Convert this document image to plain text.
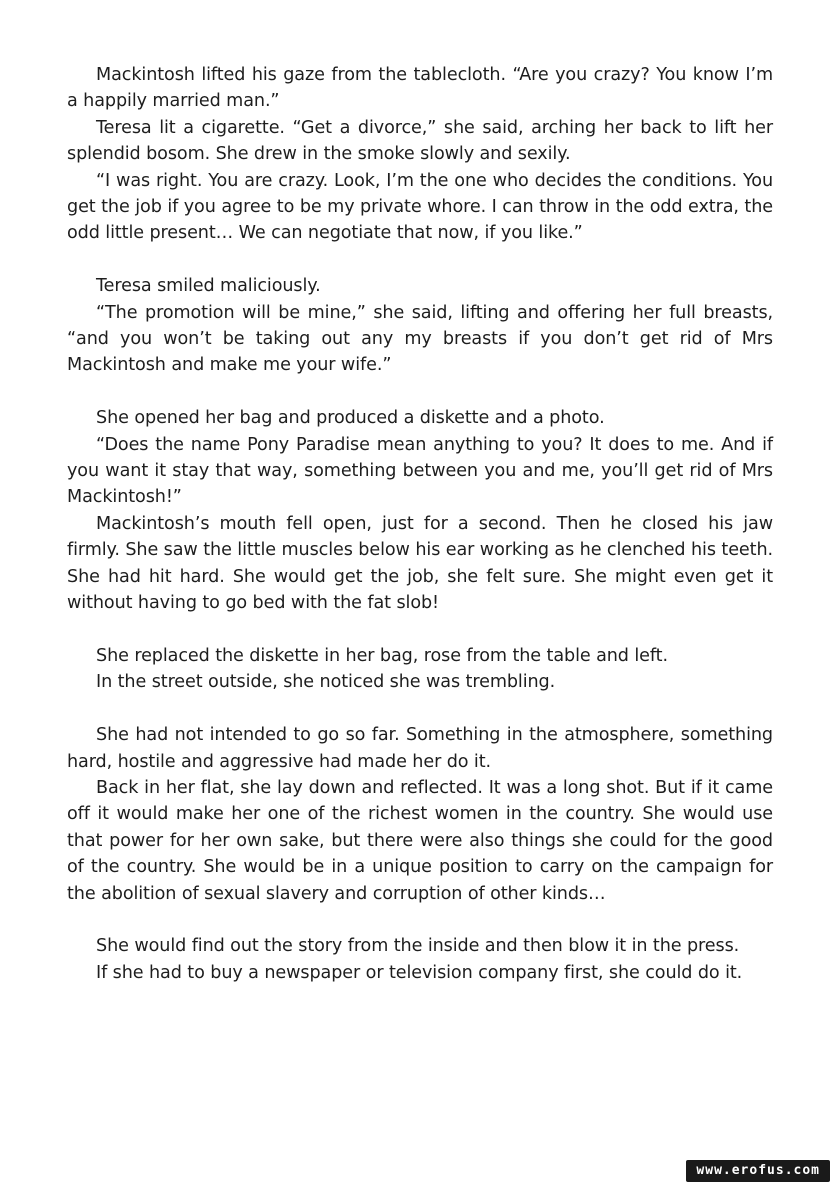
Mackintosh lifted his gaze from the tablecloth. “Are you crazy? You know I’m a happily married man.”

Teresa lit a cigarette. “Get a divorce,” she said, arching her back to lift her splendid bosom. She drew in the smoke slowly and sexily.

“I was right. You are crazy. Look, I’m the one who decides the conditions. You get the job if you agree to be my private whore. I can throw in the odd extra, the odd little present… We can negotiate that now, if you like.”

Teresa smiled maliciously.

“The promotion will be mine,” she said, lifting and offering her full breasts, “and you won’t be taking out any my breasts if you don’t get rid of Mrs Mackintosh and make me your wife.”

She opened her bag and produced a diskette and a photo.

“Does the name Pony Paradise mean anything to you? It does to me. And if you want it stay that way, something between you and me, you’ll get rid of Mrs Mackintosh!”

Mackintosh’s mouth fell open, just for a second. Then he closed his jaw firmly. She saw the little muscles below his ear working as he clenched his teeth. She had hit hard. She would get the job, she felt sure. She might even get it without having to go bed with the fat slob!

She replaced the diskette in her bag, rose from the table and left.

In the street outside, she noticed she was trembling.

She had not intended to go so far. Something in the atmosphere, something hard, hostile and aggressive had made her do it.

Back in her flat, she lay down and reflected. It was a long shot. But if it came off it would make her one of the richest women in the country. She would use that power for her own sake, but there were also things she could for the good of the country. She would be in a unique position to carry on the campaign for the abolition of sexual slavery and corruption of other kinds…

She would find out the story from the inside and then blow it in the press.

If she had to buy a newspaper or television company first, she could do it.

www.erofus.com
